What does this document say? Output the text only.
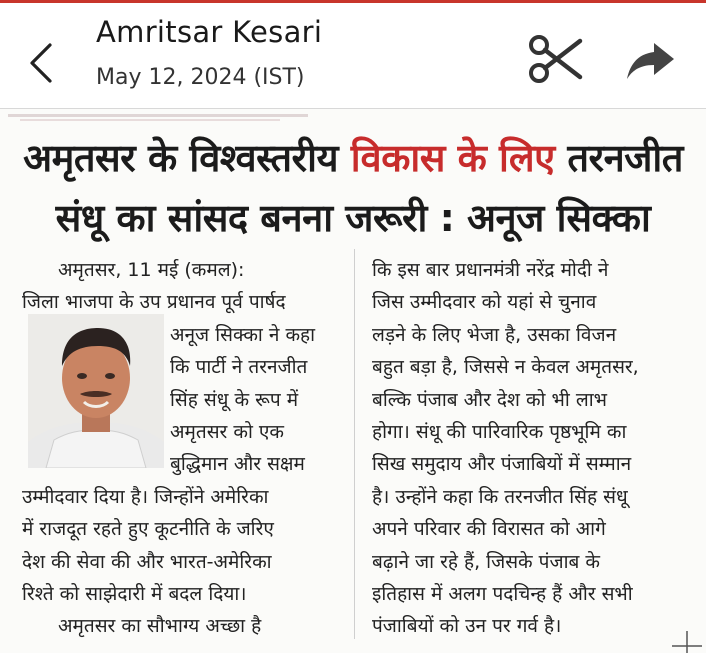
Amritsar Kesari
May 12, 2024 (IST)
अमृतसर के विश्वस्तरीय विकास के लिए तरनजीत
संधू का सांसद बनना जरूरी : अनूज सिक्का
अमृतसर, 11 मई (कमल):
जिला भाजपा के उप प्रधानव पूर्व पार्षद
अनूज सिक्का ने कहा
कि पार्टी ने तरनजीत
सिंह संधू के रूप में
अमृतसर को एक
बुद्धिमान और सक्षम
उम्मीदवार दिया है। जिन्होंने अमेरिका
में राजदूत रहते हुए कूटनीति के जरिए
देश की सेवा की और भारत-अमेरिका
रिश्ते को साझेदारी में बदल दिया।
अमृतसर का सौभाग्य अच्छा है
कि इस बार प्रधानमंत्री नरेंद्र मोदी ने
जिस उम्मीदवार को यहां से चुनाव
लड़ने के लिए भेजा है, उसका विजन
बहुत बड़ा है, जिससे न केवल अमृतसर,
बल्कि पंजाब और देश को भी लाभ
होगा। संधू की पारिवारिक पृष्ठभूमि का
सिख समुदाय और पंजाबियों में सम्मान
है। उन्होंने कहा कि तरनजीत सिंह संधू
अपने परिवार की विरासत को आगे
बढ़ाने जा रहे हैं, जिसके पंजाब के
इतिहास में अलग पदचिन्ह हैं और सभी
पंजाबियों को उन पर गर्व है।
